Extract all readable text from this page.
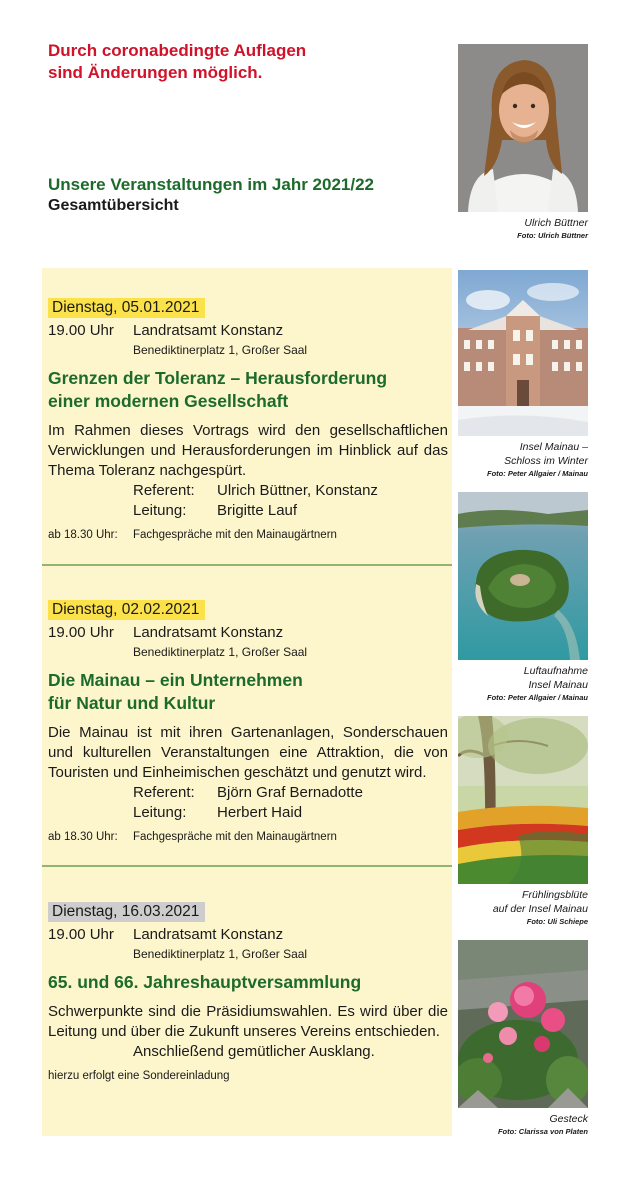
Durch coronabedingte Auflagen
sind Änderungen möglich.
Unsere Veranstaltungen im Jahr 2021/22
Gesamtübersicht
Ulrich Büttner
Foto: Ulrich Büttner
Dienstag, 05.01.2021
19.00 Uhr	Landratsamt Konstanz
Benediktinerplatz 1, Großer Saal
Grenzen der Toleranz – Herausforderung
einer modernen Gesellschaft
Im Rahmen dieses Vortrags wird den gesellschaftlichen Verwicklungen und Herausforderungen im Hinblick auf das Thema Toleranz nachgespürt.
Referent:	Ulrich Büttner, Konstanz
Leitung:	Brigitte Lauf
ab 18.30 Uhr: Fachgespräche mit den Mainaugärtnern
Dienstag, 02.02.2021
19.00 Uhr	Landratsamt Konstanz
Benediktinerplatz 1, Großer Saal
Die Mainau – ein Unternehmen
für Natur und Kultur
Die Mainau ist mit ihren Gartenanlagen, Sonderschauen und kulturellen Veranstaltungen eine Attraktion, die von Touristen und Einheimischen geschätzt und genutzt wird.
Referent:	Björn Graf Bernadotte
Leitung:	Herbert Haid
ab 18.30 Uhr: Fachgespräche mit den Mainaugärtnern
Dienstag, 16.03.2021
19.00 Uhr	Landratsamt Konstanz
Benediktinerplatz 1, Großer Saal
65. und 66. Jahreshauptversammlung
Schwerpunkte sind die Präsidiumswahlen. Es wird über die Leitung und über die Zukunft unseres Vereins entschieden.
Anschließend gemütlicher Ausklang.
hierzu erfolgt eine Sondereinladung
Insel Mainau –
Schloss im Winter
Foto: Peter Allgaier / Mainau
Luftaufnahme
Insel Mainau
Foto: Peter Allgaier / Mainau
Frühlingsblüte
auf der Insel Mainau
Foto: Uli Schiepe
Gesteck
Foto: Clarissa von Platen
